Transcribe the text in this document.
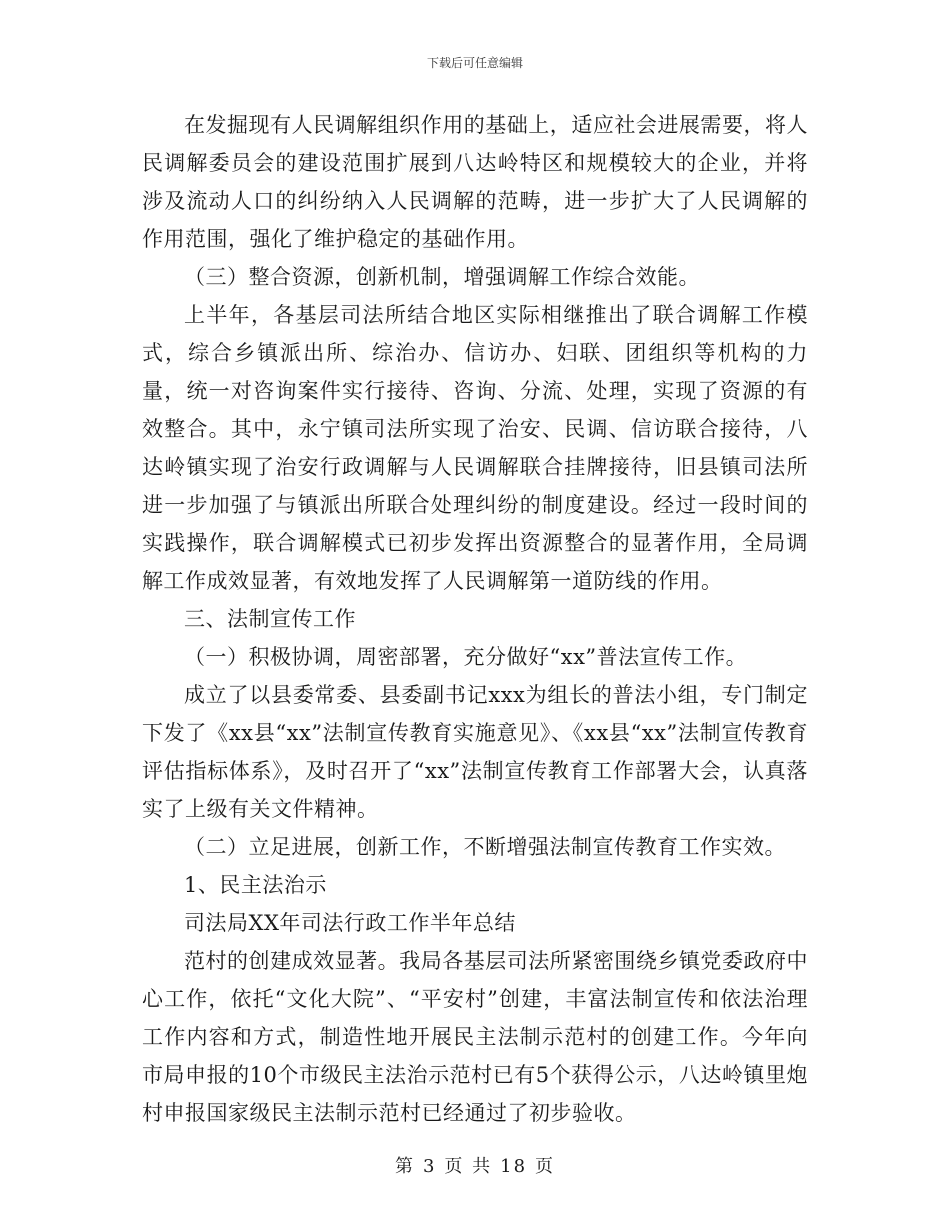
下载后可任意编辑

在发掘现有人民调解组织作用的基础上，适应社会进展需要，将人民调解委员会的建设范围扩展到八达岭特区和规模较大的企业，并将涉及流动人口的纠纷纳入人民调解的范畴，进一步扩大了人民调解的作用范围，强化了维护稳定的基础作用。

（三）整合资源，创新机制，增强调解工作综合效能。

上半年，各基层司法所结合地区实际相继推出了联合调解工作模式，综合乡镇派出所、综治办、信访办、妇联、团组织等机构的力量，统一对咨询案件实行接待、咨询、分流、处理，实现了资源的有效整合。其中，永宁镇司法所实现了治安、民调、信访联合接待，八达岭镇实现了治安行政调解与人民调解联合挂牌接待，旧县镇司法所进一步加强了与镇派出所联合处理纠纷的制度建设。经过一段时间的实践操作，联合调解模式已初步发挥出资源整合的显著作用，全局调解工作成效显著，有效地发挥了人民调解第一道防线的作用。

三、法制宣传工作

（一）积极协调，周密部署，充分做好“xx”普法宣传工作。

成立了以县委常委、县委副书记xxx为组长的普法小组，专门制定下发了《xx县“xx”法制宣传教育实施意见》、《xx县“xx”法制宣传教育评估指标体系》，及时召开了“xx”法制宣传教育工作部署大会，认真落实了上级有关文件精神。

（二）立足进展，创新工作，不断增强法制宣传教育工作实效。

1、民主法治示

司法局XX年司法行政工作半年总结

范村的创建成效显著。我局各基层司法所紧密围绕乡镇党委政府中心工作，依托“文化大院”、“平安村”创建，丰富法制宣传和依法治理工作内容和方式，制造性地开展民主法制示范村的创建工作。今年向市局申报的10个市级民主法治示范村已有5个获得公示，八达岭镇里炮村申报国家级民主法制示范村已经通过了初步验收。

第 3 页 共 18 页
